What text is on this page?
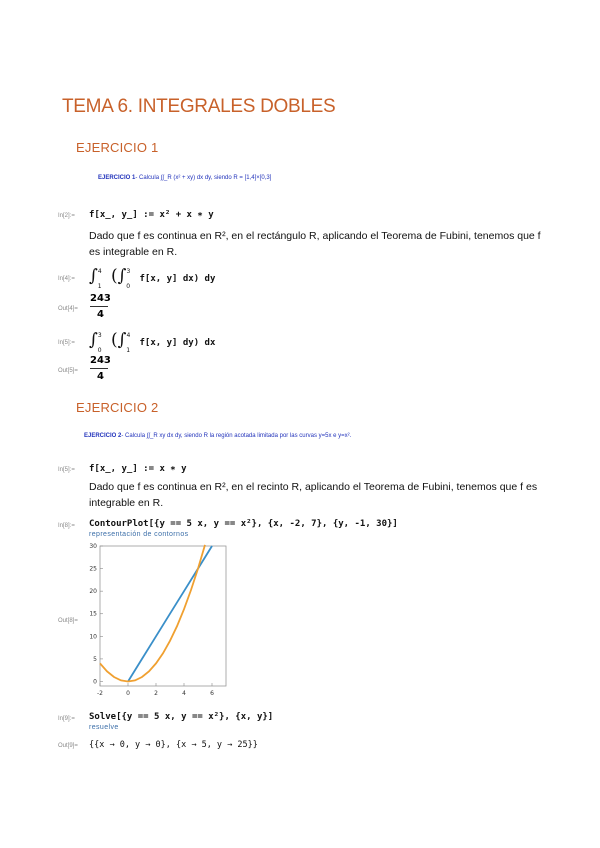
TEMA 6. INTEGRALES DOBLES
EJERCICIO 1
EJERCICIO 1- Calcula ∫∫_R (x² + xy) dx dy, siendo R = [1,4]×[0,3]
In[2]:= f[x_, y_] := x² + x ∗ y
Dado que f es continua en R², en el rectángulo R, aplicando el Teorema de Fubini, tenemos que f es integrable en R.
In[4]:= ∫$^4_1$ (∫$^3_0$ f[x, y] dx) dy
Out[4]=
243
4
In[5]:= ∫$^3_0$ (∫$^4_1$ f[x, y] dy) dx
Out[5]=
243
4
EJERCICIO 2
EJERCICIO 2- Calcula ∫∫_R xy dx dy, siendo R la región acotada limitada por las curvas y=5x e y=x².
In[5]:= f[x_, y_] := x ∗ y
Dado que f es continua en R², en el recinto R, aplicando el Teorema de Fubini, tenemos que f es integrable en R.
In[8]:= ContourPlot[{y == 5 x, y == x²}, {x, -2, 7}, {y, -1, 30}]
representación de contornos
Out[8]=
-2	0	2	4	6
0
5
10
15
20
25
30
In[9]:= Solve[{y == 5 x, y == x²}, {x, y}]
resuelve
Out[9]= {{x → 0, y → 0}, {x → 5, y → 25}}
